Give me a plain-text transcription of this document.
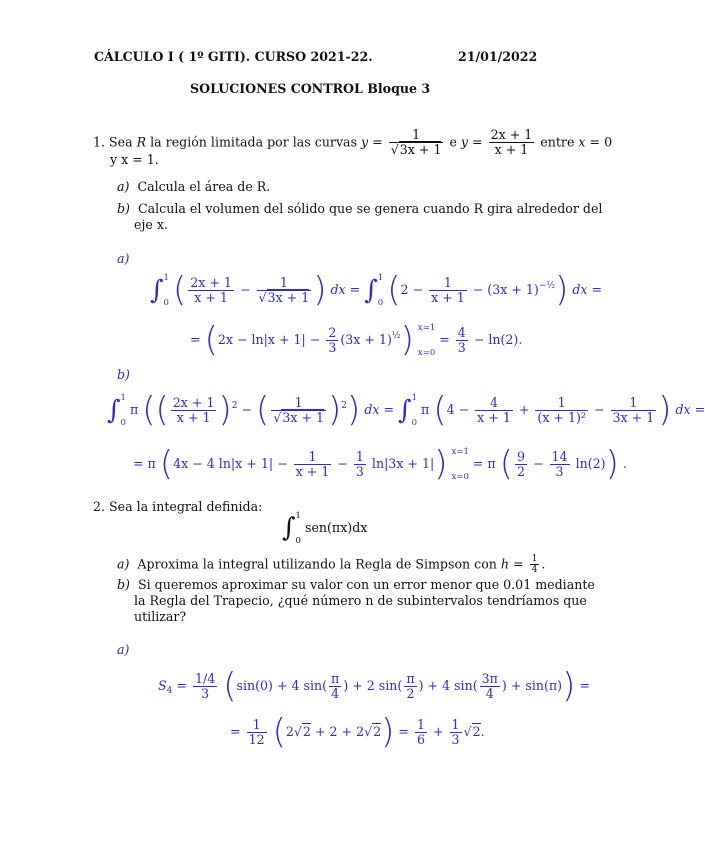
CÁLCULO I ( 1º GITI). CURSO 2021-22.	21/01/2022
SOLUCIONES CONTROL Bloque 3
1. Sea R la región limitada por las curvas $y = \frac{1}{√3x + 1}$ e $y = \frac{2x + 1}{x + 1}$ entre x = 0
y x = 1.
a) Calcula el área de R.
b) Calcula el volumen del sólido que se genera cuando R gira alrededor del
eje x.
a)
∫ 1
0 ( $\frac{2x + 1}{x + 1} - \frac{1}{√3x + 1}$ ) dx = ∫ 1
0 $(2 - \frac{1}{x + 1} - (3x + 1)^{-\frac{1}{2}})$ dx =
= $(2x - \ln|x + 1| - \frac{2}{3} (3x + 1)^{\frac{1}{2}})$ x=1
x=0
= $\frac{4}{3} - \ln(2)$.
b)
∫ 1
0
π (( $\frac{2x + 1}{x + 1} )^2$ − ( $\frac{1}{√3x + 1} )^2$) dx = ∫ 1
0
π ($4 - \frac{4}{x + 1} + \frac{1}{\text{(x + 1)²}} - \frac{1}{3x + 1}$ ) dx =
= π (4x − 4 $\ln|x + 1| - \frac{1}{x + 1} - \frac{1}{3} \ln|3x + 1|$) x=1
x=0
= π ( $\frac{9}{2} - \frac{14}{3} \ln(2)$) .
2. Sea la integral definida:
∫ 1
0
sen(πx)dx
a)  Aproxima la integral utilizando la Regla de Simpson con $h = \frac{1}{4}$ .
b) Si queremos aproximar su valor con un error menor que 0.01 mediante
la Regla del Trapecio, ¿qué número n de subintervalos tendríamos que
utilizar?
a)
$S_4 = \frac{1/4}{3} (\sin(0) + 4$ $\sin( \frac{\pi}{4}$ ) + 2 $\sin( \frac{\pi}{2}$ ) + 4 $\sin( \frac{3\pi}{4}$ ) + sin(π)) =
= $\frac{1}{12} (2√2 + 2 + 2√2) = \frac{1}{6} + \frac{1}{3} √2$.
